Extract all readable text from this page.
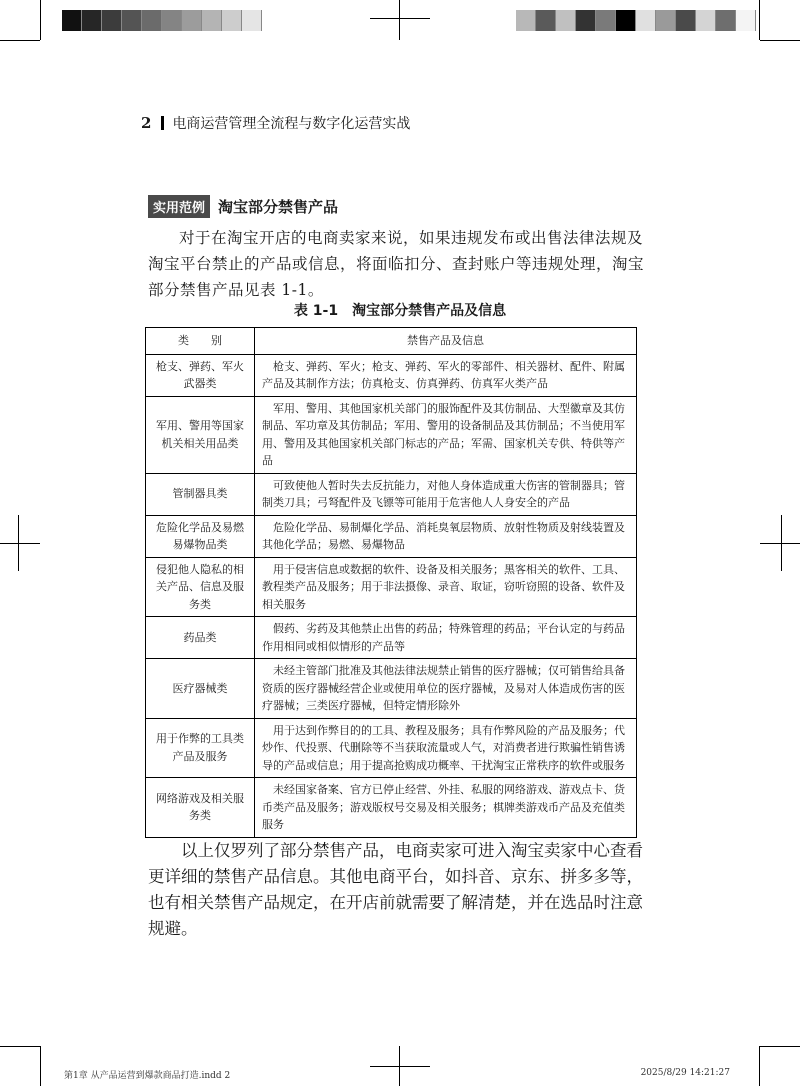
2 电商运营管理全流程与数字化运营实战
实用范例 淘宝部分禁售产品

对于在淘宝开店的电商卖家来说，如果违规发布或出售法律法规及淘宝平台禁止的产品或信息，将面临扣分、查封账户等违规处理，淘宝部分禁售产品见表 1-1。

表 1-1　淘宝部分禁售产品及信息
类　　别	禁售产品及信息
枪支、弹药、军火武器类	枪支、弹药、军火；枪支、弹药、军火的零部件、相关器材、配件、附属产品及其制作方法；仿真枪支、仿真弹药、仿真军火类产品
军用、警用等国家机关相关用品类	军用、警用、其他国家机关部门的服饰配件及其仿制品、大型徽章及其仿制品、军功章及其仿制品；军用、警用的设备制品及其仿制品；不当使用军用、警用及其他国家机关部门标志的产品；军需、国家机关专供、特供等产品
管制器具类	可致使他人暂时失去反抗能力，对他人身体造成重大伤害的管制器具；管制类刀具；弓弩配件及飞镖等可能用于危害他人人身安全的产品
危险化学品及易燃易爆物品类	危险化学品、易制爆化学品、消耗臭氧层物质、放射性物质及射线装置及其他化学品；易燃、易爆物品
侵犯他人隐私的相关产品、信息及服务类	用于侵害信息或数据的软件、设备及相关服务；黑客相关的软件、工具、教程类产品及服务；用于非法摄像、录音、取证，窃听窃照的设备、软件及相关服务
药品类	假药、劣药及其他禁止出售的药品；特殊管理的药品；平台认定的与药品作用相同或相似情形的产品等
医疗器械类	未经主管部门批准及其他法律法规禁止销售的医疗器械；仅可销售给具备资质的医疗器械经营企业或使用单位的医疗器械，及易对人体造成伤害的医疗器械；三类医疗器械，但特定情形除外
用于作弊的工具类产品及服务	用于达到作弊目的的工具、教程及服务；具有作弊风险的产品及服务；代炒作、代投票、代删除等不当获取流量或人气，对消费者进行欺骗性销售诱导的产品或信息；用于提高抢购成功概率、干扰淘宝正常秩序的软件或服务
网络游戏及相关服务类	未经国家备案、官方已停止经营、外挂、私服的网络游戏、游戏点卡、货币类产品及服务；游戏版权号交易及相关服务；棋牌类游戏币产品及充值类服务

以上仅罗列了部分禁售产品，电商卖家可进入淘宝卖家中心查看更详细的禁售产品信息。其他电商平台，如抖音、京东、拼多多等，也有相关禁售产品规定，在开店前就需要了解清楚，并在选品时注意规避。

第1章 从产品运营到爆款商品打造.indd 2	2025/8/29 14:21:27
